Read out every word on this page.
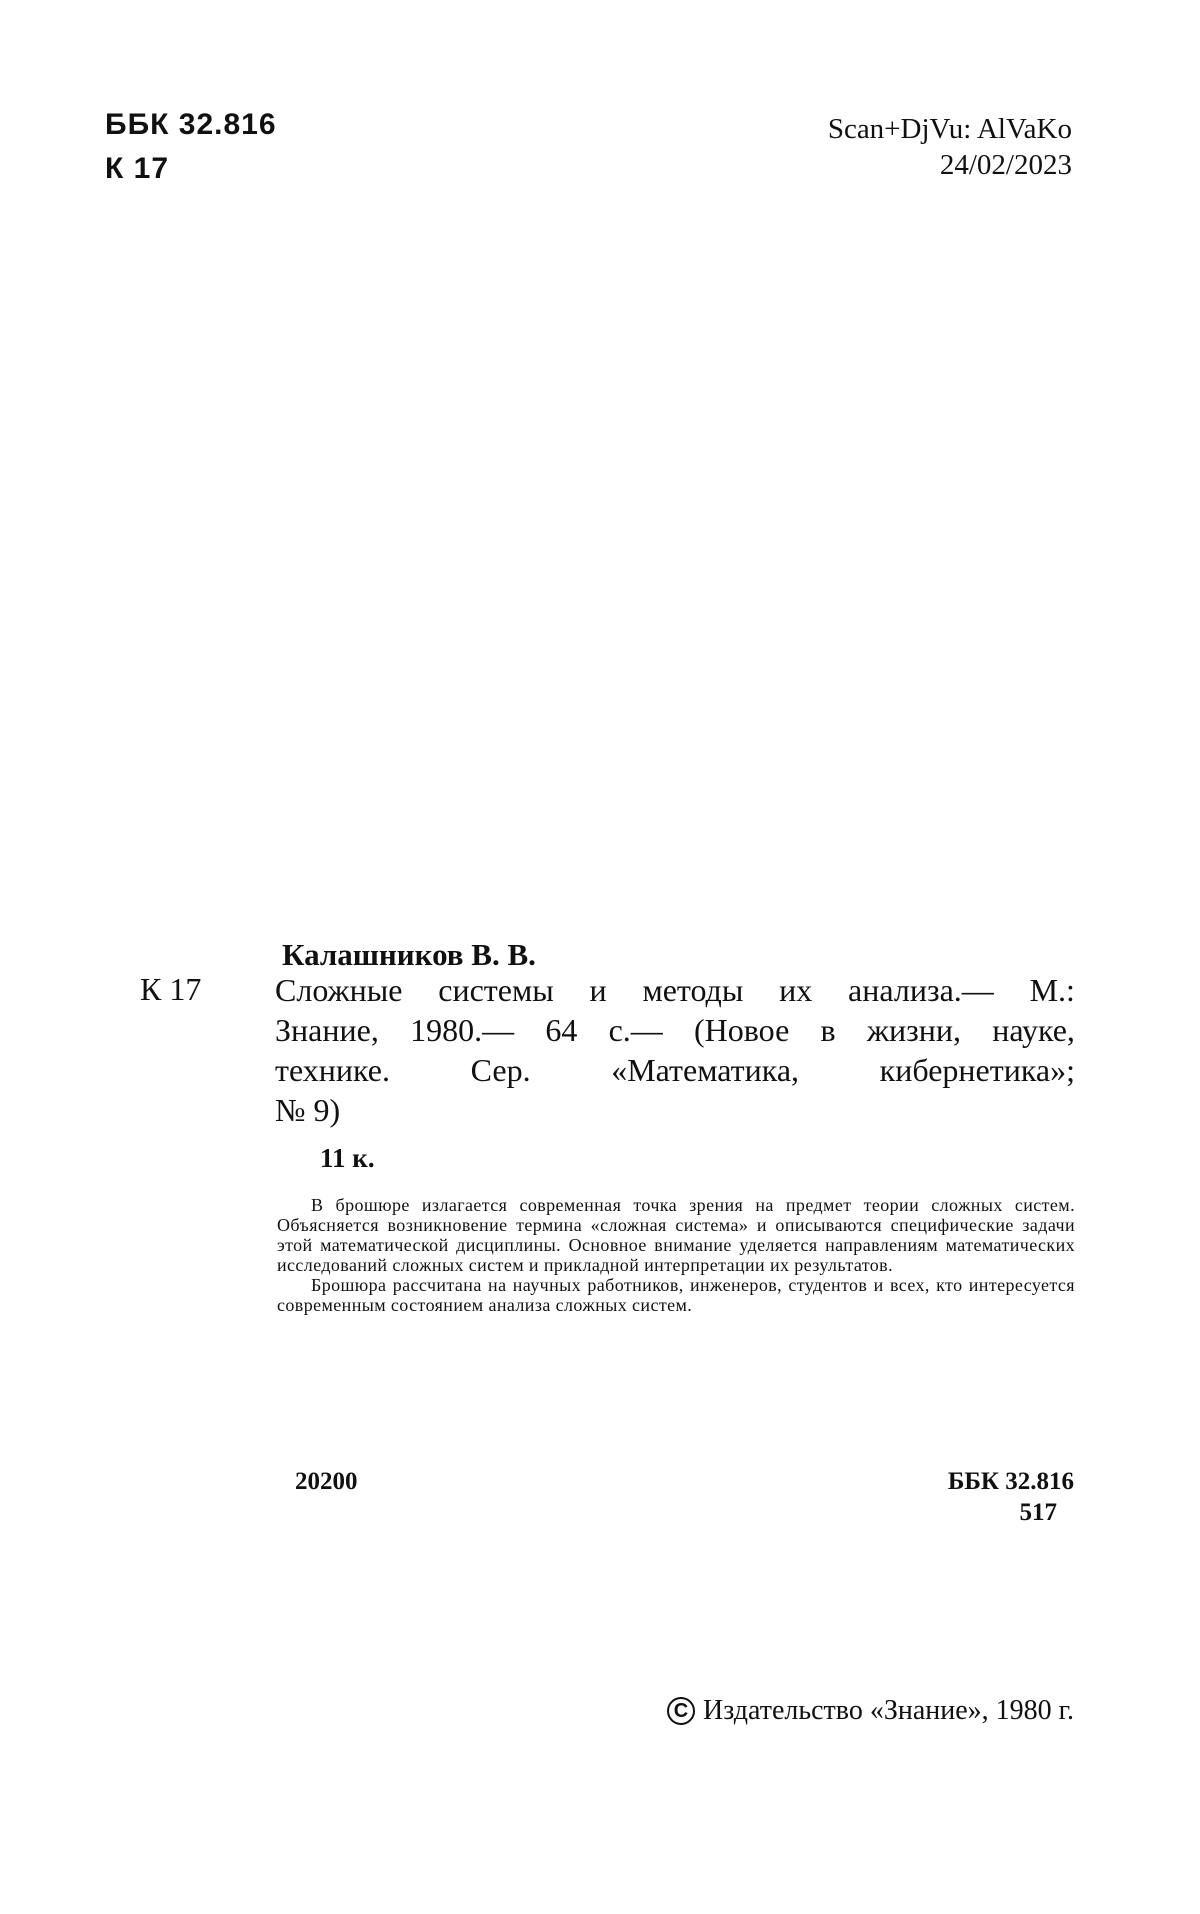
ББК 32.816
К 17
Scan+DjVu: AlVaKo
24/02/2023
Калашников В. В.
К 17 Сложные системы и методы их анализа.— М.:
Знание, 1980.— 64 с.— (Новое в жизни, науке,
технике.	Сер.	«Математика,	кибернетика»;
№ 9)
11 к.

В брошюре излагается современная точка зрения на предмет теории сложных систем. Объясняется возникновение термина «сложная система» и описываются специфические задачи этой математической дисциплины. Основное внимание уделяется направлениям математических исследований сложных систем и прикладной интерпретации их результатов.

Брошюра рассчитана на научных работников, инженеров, студентов и всех, кто интересуется современным состоянием анализа сложных систем.

20200	ББК 32.816
517
C Издательство «Знание», 1980 г.
